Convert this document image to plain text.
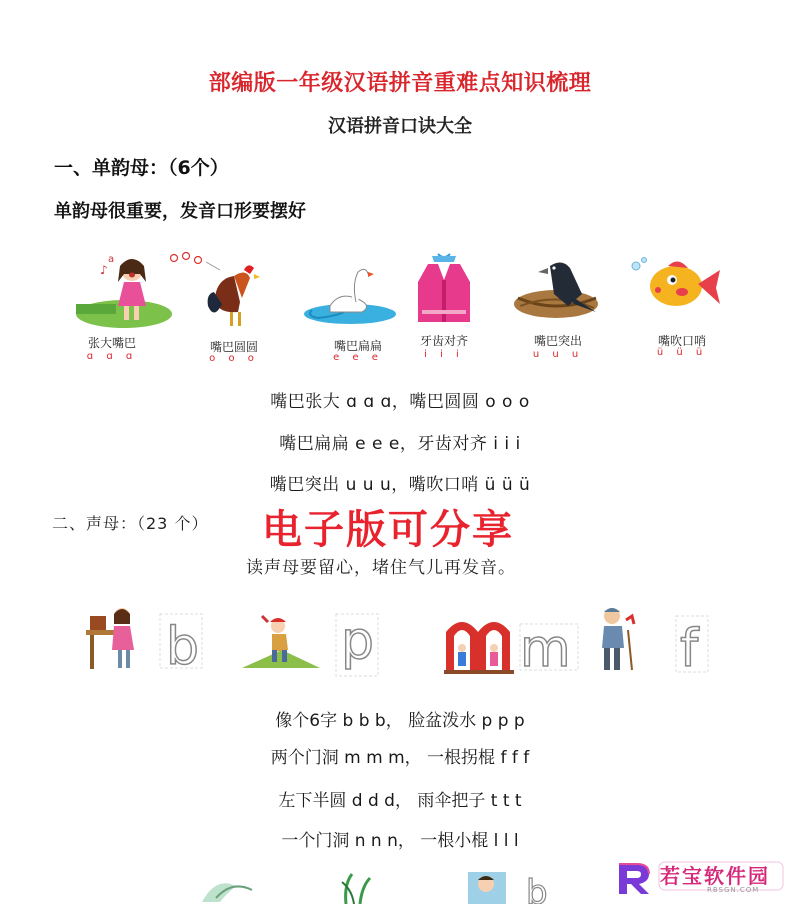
部编版一年级汉语拼音重难点知识梳理
汉语拼音口诀大全
一、单韵母：（6个）
单韵母很重要，发音口形要摆好
♪
a
张大嘴巴
ɑ ɑ ɑ
嘴巴圆圆
o o o
嘴巴扁扁
e e e
牙齿对齐
i i i
嘴巴突出
u u u
嘴吹口哨
ü ü ü
嘴巴张大 ɑ ɑ ɑ，嘴巴圆圆 o o o
嘴巴扁扁 e e e，牙齿对齐 i i i
嘴巴突出 u u u，嘴吹口哨 ü ü ü
二、声母：（23 个） 电子版可分享
读声母要留心，堵住气儿再发音。
b	p	m f
像个6字 b b b， 脸盆泼水 p p p
两个门洞 m m m， 一根拐棍 f f f
左下半圆 d d d， 雨伞把子 t t t
一个门洞 n n n， 一根小棍 l l l
b	若宝软件园
RBSGN.COM
